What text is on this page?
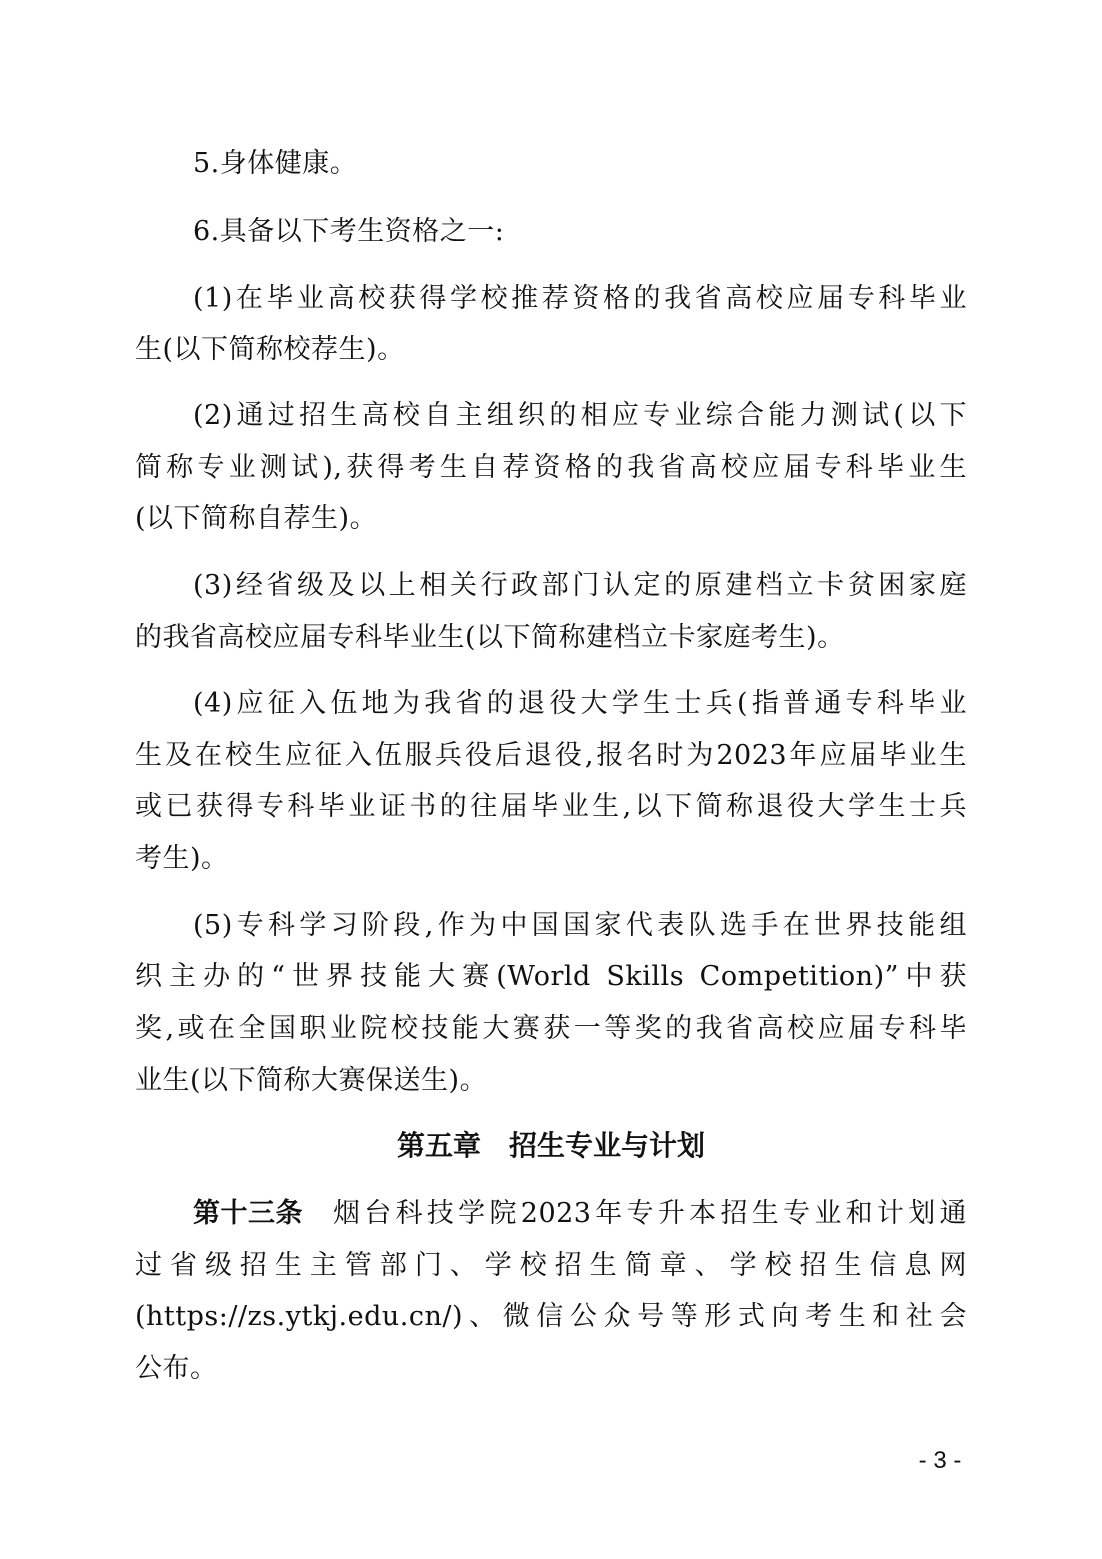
5.身体健康。
6.具备以下考生资格之一:
(1)在毕业高校获得学校推荐资格的我省高校应届专科毕业
生(以下简称校荐生)。
(2)通过招生高校自主组织的相应专业综合能力测试(以下
简称专业测试),获得考生自荐资格的我省高校应届专科毕业生
(以下简称自荐生)。
(3)经省级及以上相关行政部门认定的原建档立卡贫困家庭
的我省高校应届专科毕业生(以下简称建档立卡家庭考生)。
(4)应征入伍地为我省的退役大学生士兵(指普通专科毕业
生及在校生应征入伍服兵役后退役,报名时为2023年应届毕业生
或已获得专科毕业证书的往届毕业生,以下简称退役大学生士兵
考生)。
(5)专科学习阶段,作为中国国家代表队选手在世界技能组
织主办的“世界技能大赛(World Skills Competition)”中获
奖,或在全国职业院校技能大赛获一等奖的我省高校应届专科毕
业生(以下简称大赛保送生)。
第五章　招生专业与计划
第十三条 烟台科技学院2023年专升本招生专业和计划通
过省级招生主管部门、学校招生简章、学校招生信息网
(https://zs.ytkj.edu.cn/)、微信公众号等形式向考生和社会
公布。
- 3 -
